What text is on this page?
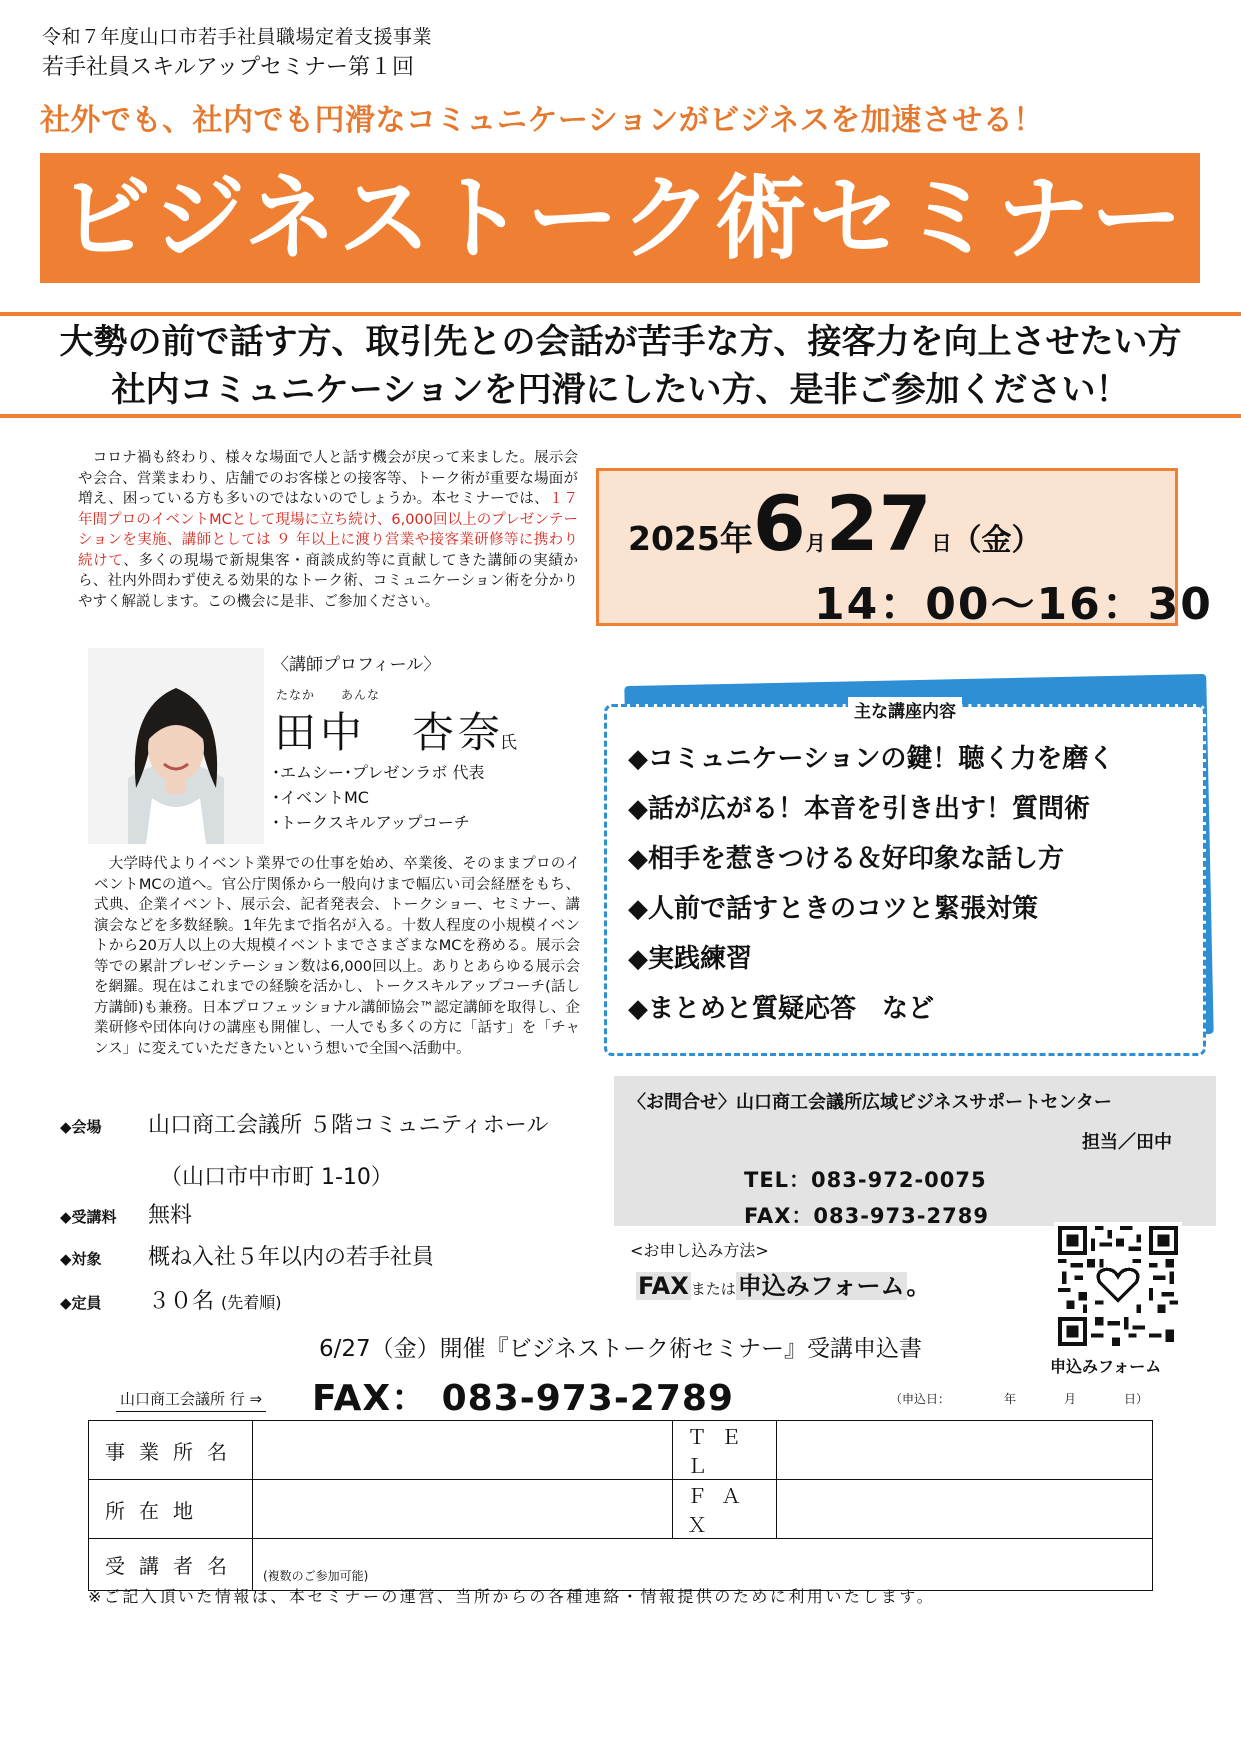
令和７年度山口市若手社員職場定着支援事業
若手社員スキルアップセミナー第１回
社外でも、社内でも円滑なコミュニケーションがビジネスを加速させる！
ビジネストーク術セミナー
大勢の前で話す方、取引先との会話が苦手な方、接客力を向上させたい方
社内コミュニケーションを円滑にしたい方、是非ご参加ください！
　コロナ禍も終わり、様々な場面で人と話す機会が戻って来ました。展示会や会合、営業まわり、店舗でのお客様との接客等、トーク術が重要な場面が増え、困っている方も多いのではないのでしょうか。本セミナーでは、１７年間プロのイベントMCとして現場に立ち続け、6,000回以上のプレゼンテーションを実施、講師としては ９ 年以上に渡り営業や接客業研修等に携わり続けて、多くの現場で新規集客・商談成約等に貢献してきた講師の実績から、社内外問わず使える効果的なトーク術、コミュニケーション術を分かりやすく解説します。この機会に是非、ご参加ください。
2025年6月27日（金）
14：00～16：30
〈講師プロフィール〉
たなか　　あんな
田中　杏奈
氏
･エムシー･プレゼンラボ 代表
･イベントMC
･トークスキルアップコーチ
　大学時代よりイベント業界での仕事を始め、卒業後、そのままプロのイベントMCの道へ。官公庁関係から一般向けまで幅広い司会経歴をもち、式典、企業イベント、展示会、記者発表会、トークショー、セミナー、講演会などを多数経験。1年先まで指名が入る。十数人程度の小規模イベントから20万人以上の大規模イベントまでさまざまなMCを務める。展示会等での累計プレゼンテーション数は6,000回以上。ありとあらゆる展示会を網羅。現在はこれまでの経験を活かし、トークスキルアップコーチ(話し方講師)も兼務。日本プロフェッショナル講師協会™認定講師を取得し、企業研修や団体向けの講座も開催し、一人でも多くの方に「話す」を「チャンス」に変えていただきたいという想いで全国へ活動中。
主な講座内容
◆コミュニケーションの鍵！聴く力を磨く
◆話が広がる！本音を引き出す！質問術
◆相手を惹きつける＆好印象な話し方
◆人前で話すときのコツと緊張対策
◆実践練習
◆まとめと質疑応答　など
◆会場 山口商工会議所 ５階コミュニティホール
（山口市中市町 1-10）
◆受講料 無料
◆対象 概ね入社５年以内の若手社員
◆定員 ３０名 (先着順)
〈お問合せ〉山口商工会議所広域ビジネスサポートセンター
担当／田中
TEL：083-972-0075
FAX：083-973-2789
<お申し込み方法>
FAX または申込みフォーム。
申込みフォーム
6/27（金）開催『ビジネストーク術セミナー』受講申込書
山口商工会議所 行 ⇒ FAX： 083-973-2789	（申込日：　　　　　年　　　　月　　　　日）
事業所名		ＴＥＬ	
所在地		ＦＡＸ	
受講者名	(複数のご参加可能)		
※ご記入頂いた情報は、本セミナーの運営、当所からの各種連絡・情報提供のために利用いたします。
